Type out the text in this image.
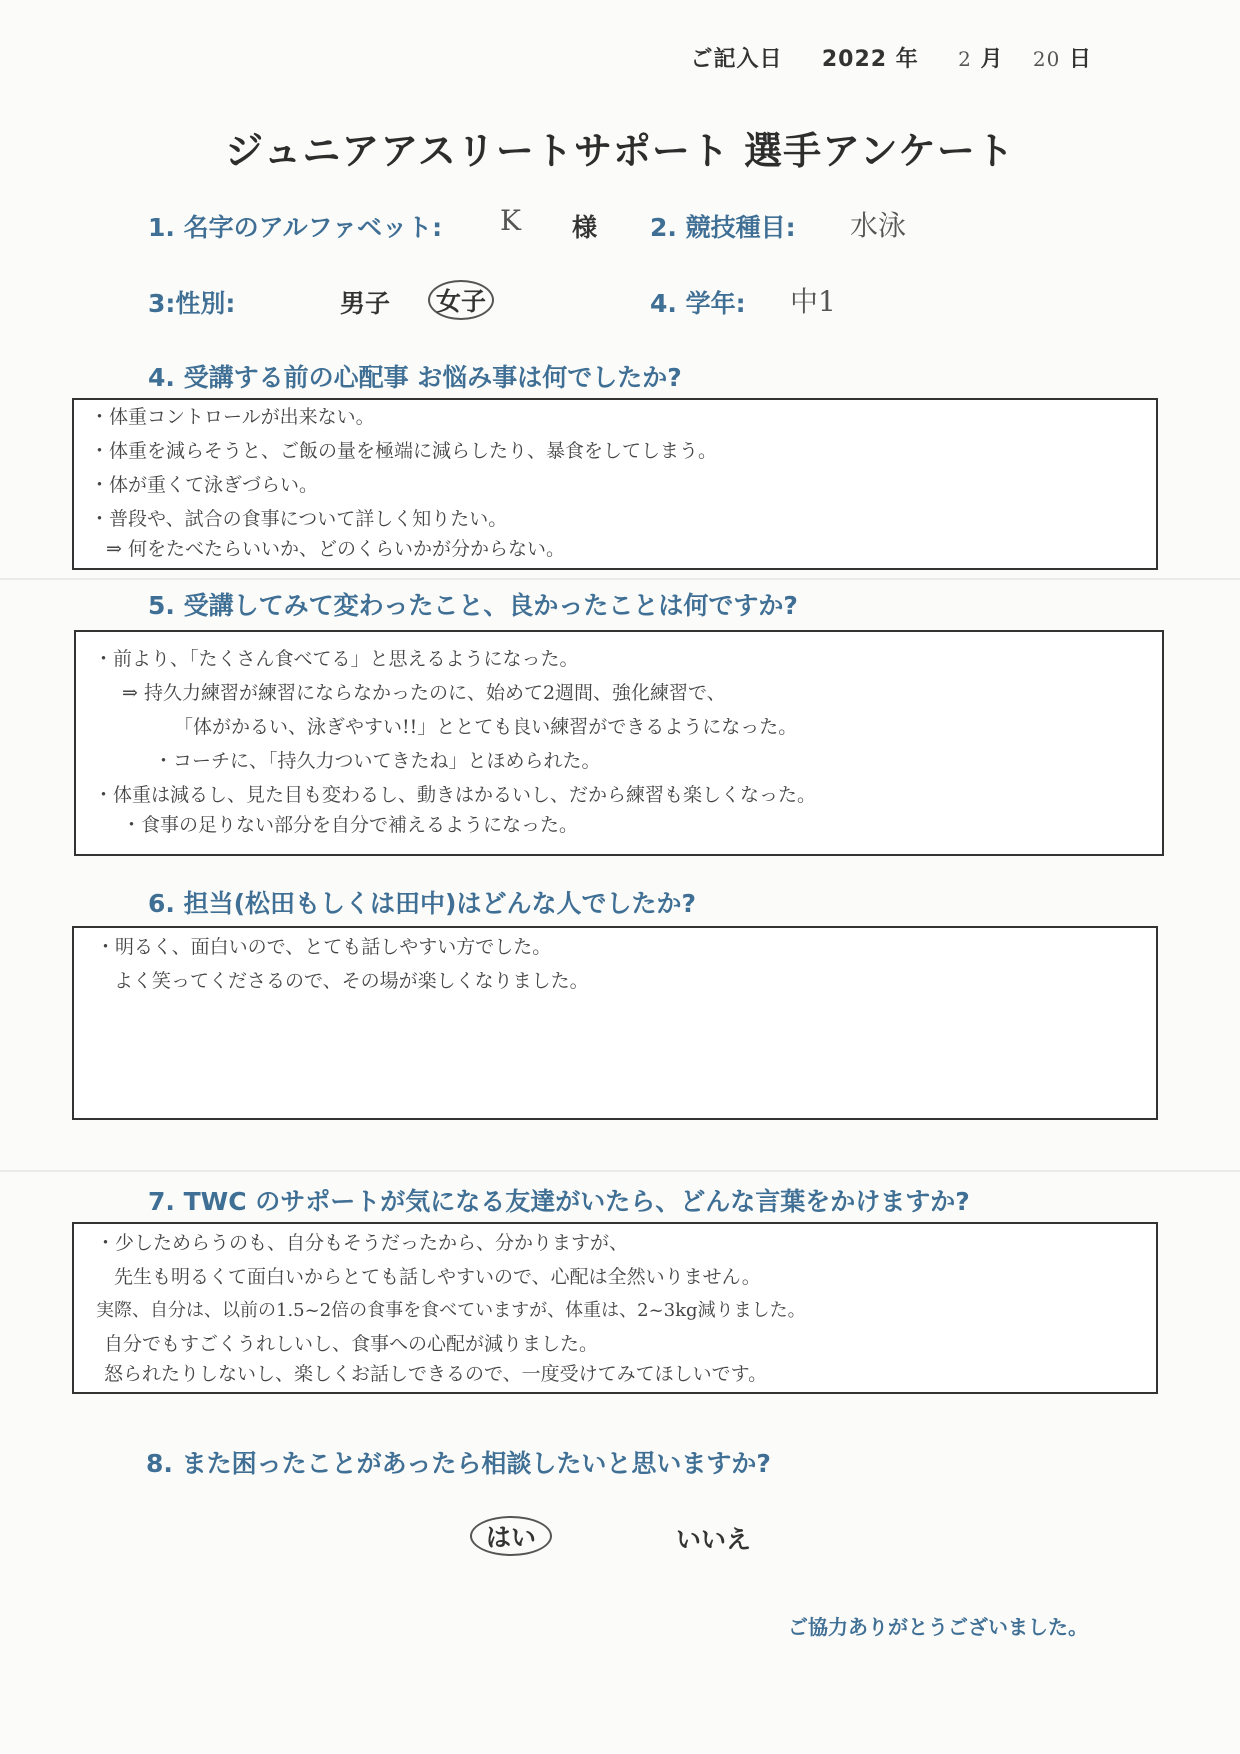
ご記入日 2022 年 2 月 20 日
ジュニアアスリートサポート 選手アンケート
1. 名字のアルファベット: K 様 2. 競技種目: 水泳
3:性別:	男子	女子	4. 学年: 中1
4. 受講する前の心配事 お悩み事は何でしたか?
・体重コントロールが出来ない。
・体重を減らそうと、ご飯の量を極端に減らしたり、暴食をしてしまう。
・体が重くて泳ぎづらい。
・普段や、試合の食事について詳しく知りたい。
⇒ 何をたべたらいいか、どのくらいかが分からない。
5. 受講してみて変わったこと、良かったことは何ですか?
・前より、「たくさん食べてる」と思えるようになった。
⇒ 持久力練習が練習にならなかったのに、始めて2週間、強化練習で、
「体がかるい、泳ぎやすい!!」ととても良い練習ができるようになった。
・コーチに、「持久力ついてきたね」とほめられた。
・体重は減るし、見た目も変わるし、動きはかるいし、だから練習も楽しくなった。
・食事の足りない部分を自分で補えるようになった。
6. 担当(松田もしくは田中)はどんな人でしたか?
・明るく、面白いので、とても話しやすい方でした。
よく笑ってくださるので、その場が楽しくなりました。
7. TWC のサポートが気になる友達がいたら、どんな言葉をかけますか?
・少しためらうのも、自分もそうだったから、分かりますが、
先生も明るくて面白いからとても話しやすいので、心配は全然いりません。
実際、自分は、以前の1.5~2倍の食事を食べていますが、体重は、2~3kg減りました。
自分でもすごくうれしいし、食事への心配が減りました。
怒られたりしないし、楽しくお話しできるので、一度受けてみてほしいです。
8. また困ったことがあったら相談したいと思いますか?
はい	いいえ
ご協力ありがとうございました。
